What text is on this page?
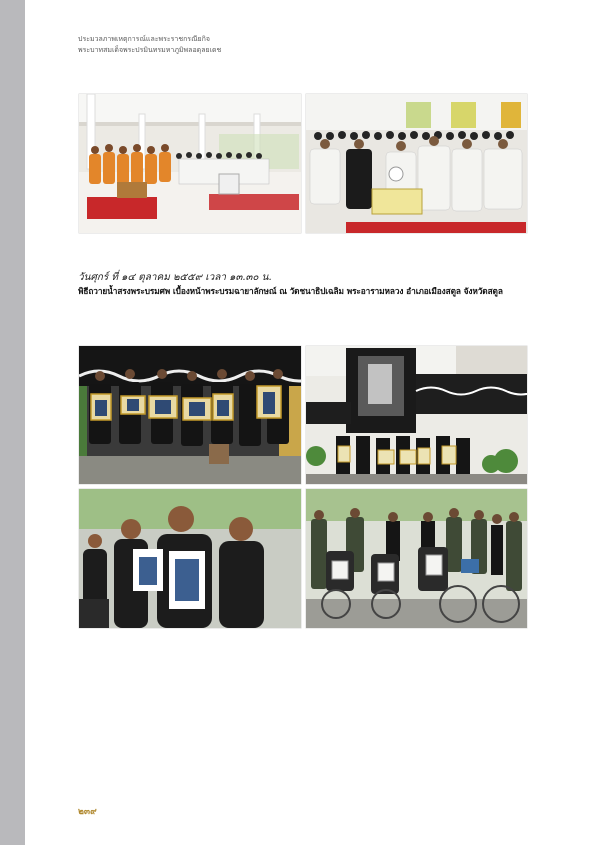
ประมวลภาพเหตุการณ์และพระราชกรณียกิจ
พระบาทสมเด็จพระปรมินทรมหาภูมิพลอดุลยเดช
วันศุกร์ ที่ ๑๔ ตุลาคม ๒๕๕๙ เวลา ๑๓.๓๐ น.
พิธีถวายน้ำสรงพระบรมศพ เบื้องหน้าพระบรมฉายาลักษณ์ ณ วัดชนาธิปเฉลิม พระอารามหลวง อำเภอเมืองสตูล จังหวัดสตูล
๒๓๙
